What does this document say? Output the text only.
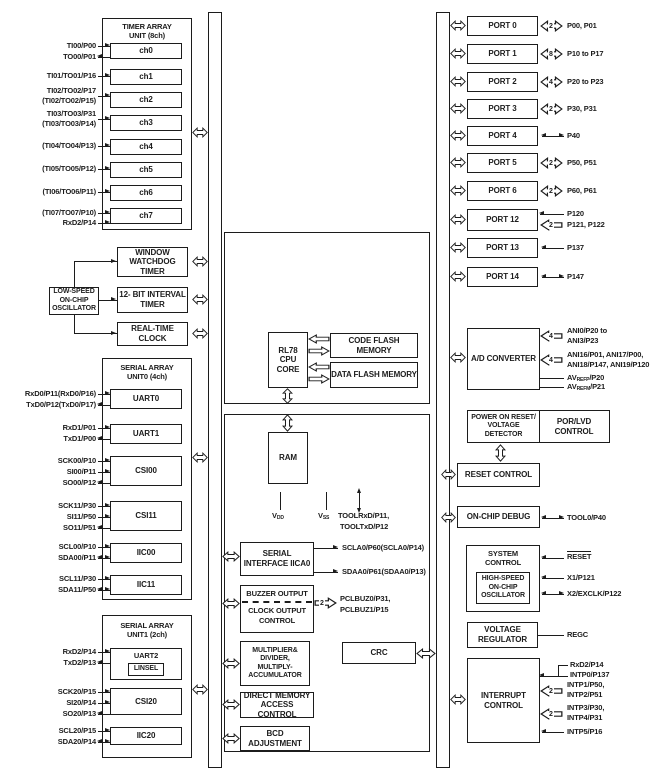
TIMER ARRAY
UNIT (8ch)
ch0
ch1
ch2
ch3
ch4
ch5
ch6
ch7
TI00/P00
TO00/P01
TI01/TO01/P16
TI02/TO02/P17
(TI02/TO02/P15)
TI03/TO03/P31
(TI03/TO03/P14)
(TI04/TO04/P13)
(TI05/TO05/P12)
(TI06/TO06/P11)
(TI07/TO07/P10)
RxD2/P14
WINDOW
WATCHDOG
TIMER
LOW-SPEED
ON-CHIP
OSCILLATOR
12- BIT INTERVAL
TIMER
REAL-TIME
CLOCK
SERIAL ARRAY
UNIT0 (4ch)
UART0
UART1
CSI00
CSI11
IIC00
IIC11
RxD0/P11(RxD0/P16)
TxD0/P12(TxD0/P17)
RxD1/P01
TxD1/P00
SCK00/P10
SI00/P11
SO00/P12
SCK11/P30
SI11/P50
SO11/P51
SCL00/P10
SDA00/P11
SCL11/P30
SDA11/P50
SERIAL ARRAY
UNIT1 (2ch)
UART2
LINSEL
CSI20
IIC20
RxD2/P14
TxD2/P13
SCK20/P15
SI20/P14
SO20/P13
SCL20/P15
SDA20/P14
RL78
CPU
CORE
CODE FLASH MEMORY
DATA FLASH MEMORY
RAM
$V_{DD}$	$V_{SS}$ TOOLRxD/P11,
TOOLTxD/P12
SERIAL
INTERFACE IICA0
SCLA0/P60(SCLA0/P14)
SDAA0/P61(SDAA0/P13)
BUZZER OUTPUT
CLOCK OUTPUT
CONTROL
2
PCLBUZ0/P31,
PCLBUZ1/P15
MULTIPLIER&
DIVIDER,
MULTIPLY-
ACCUMULATOR
CRC
DIRECT MEMORY
ACCESS CONTROL
BCD
ADJUSTMENT
PORT 0	2 P00, P01
PORT 1	8 P10 to P17
PORT 2	4 P20 to P23
PORT 3	2 P30, P31
PORT 4	P40
PORT 5	2 P50, P51
PORT 6	2 P60, P61
PORT 12
P120
2 P121, P122
PORT 13	P137
PORT 14	P147
A/D CONVERTER
4
ANI0/P20 to
ANI3/P23
4
ANI16/P01, ANI17/P00,
ANI18/P147, ANI19/P120
$AV_{REFP}/P20$
$AV_{REFM}/P21$
POWER ON RESET/
VOLTAGE
DETECTOR
POR/LVD
CONTROL
RESET CONTROL
ON-CHIP DEBUG	TOOL0/P40
SYSTEM
CONTROL
HIGH-SPEED
ON-CHIP
OSCILLATOR
RESET
X1/P121
X2/EXCLK/P122
VOLTAGE
REGULATOR
REGC
INTERRUPT
CONTROL
RxD2/P14
INTP0/P137
2
INTP1/P50,
INTP2/P51
2
INTP3/P30,
INTP4/P31
INTP5/P16
